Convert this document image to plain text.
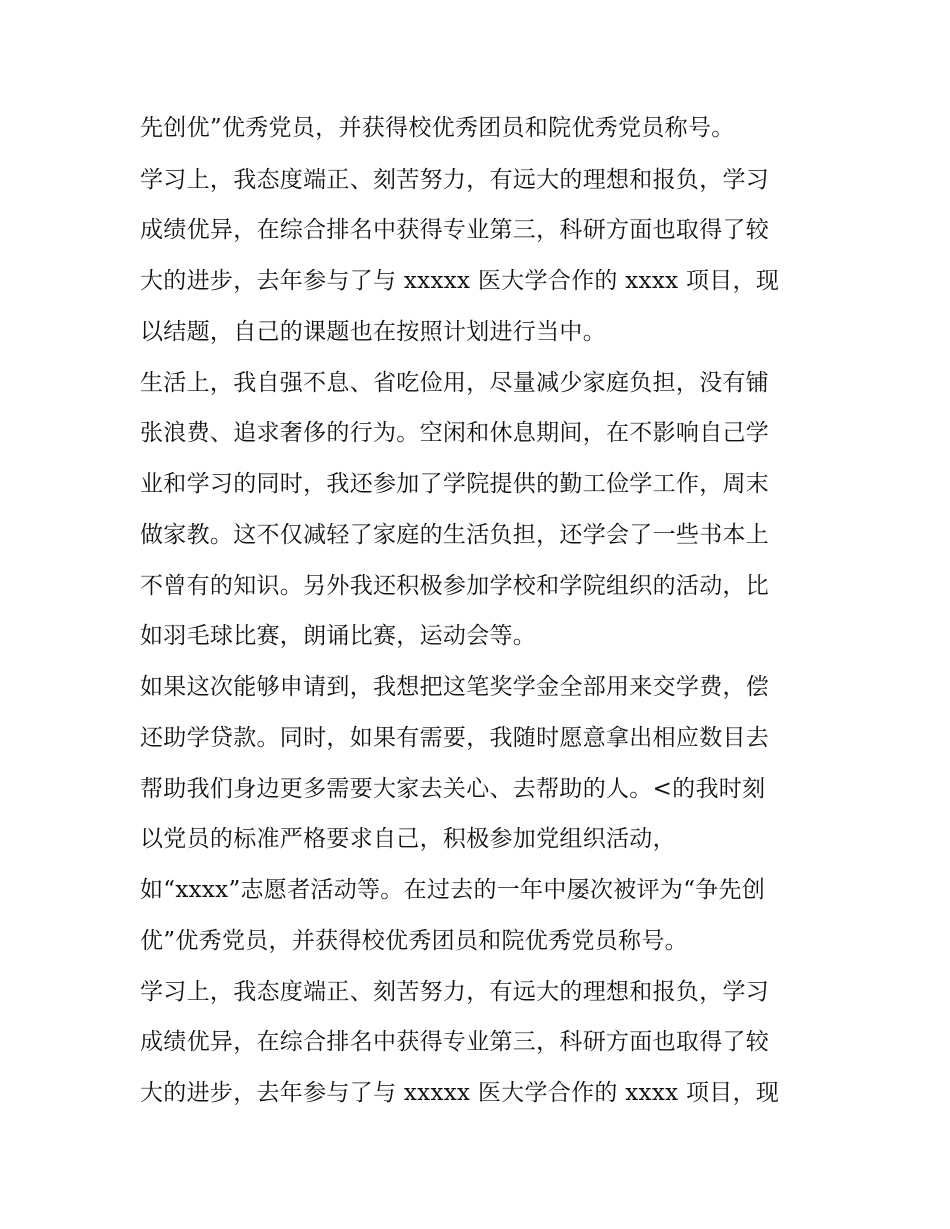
先创优”优秀党员，并获得校优秀团员和院优秀党员称号。
学习上，我态度端正、刻苦努力，有远大的理想和报负，学习
成绩优异，在综合排名中获得专业第三，科研方面也取得了较
大的进步，去年参与了与 xxxxx 医大学合作的 xxxx 项目，现
以结题，自己的课题也在按照计划进行当中。
生活上，我自强不息、省吃俭用，尽量减少家庭负担，没有铺
张浪费、追求奢侈的行为。空闲和休息期间，在不影响自己学
业和学习的同时，我还参加了学院提供的勤工俭学工作，周末
做家教。这不仅减轻了家庭的生活负担，还学会了一些书本上
不曾有的知识。另外我还积极参加学校和学院组织的活动，比
如羽毛球比赛，朗诵比赛，运动会等。
如果这次能够申请到，我想把这笔奖学金全部用来交学费，偿
还助学贷款。同时，如果有需要，我随时愿意拿出相应数目去
帮助我们身边更多需要大家去关心、去帮助的人。<的我时刻
以党员的标准严格要求自己，积极参加党组织活动，
如“xxxx”志愿者活动等。在过去的一年中屡次被评为“争先创
优”优秀党员，并获得校优秀团员和院优秀党员称号。
学习上，我态度端正、刻苦努力，有远大的理想和报负，学习
成绩优异，在综合排名中获得专业第三，科研方面也取得了较
大的进步，去年参与了与 xxxxx 医大学合作的 xxxx 项目，现
